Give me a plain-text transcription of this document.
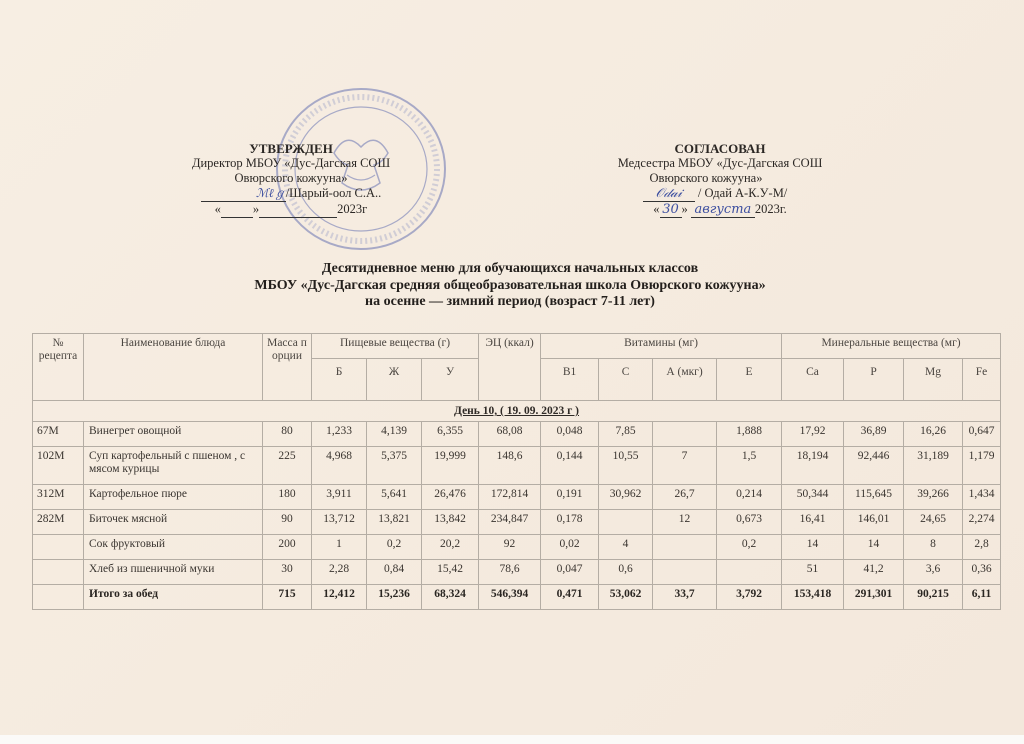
УТВЕРЖДЕН
Директор МБОУ «Дус-Дагская СОШ
Овюрского кожууна»
ℳℓℊ/Шарый-оол С.А..
«	»	2023г
СОГЛАСОВАН
Медсестра МБОУ «Дус-Дагская СОШ
Овюрского кожууна»
𝒪𝒹𝒶𝒾 / Одай А-К.У-М/
« 30 » августа 2023г.
Десятидневное меню для обучающихся начальных классов
МБОУ «Дус-Дагская средняя общеобразовательная школа Овюрского кожууна»
на осенне — зимний период (возраст 7-11 лет)
№ рецепта	Наименование блюда	Масса порции	Пищевые вещества (г)			ЭЦ (ккал)	Витамины (мг)				Минеральные вещества (мг)			
			Б	Ж	У		B1	C	А (мкг)	E	Ca	P	Mg	Fe
День 10, ( 19. 09. 2023 г )														
67М	Винегрет овощной	80	1,233	4,139	6,355	68,08	0,048	7,85		1,888	17,92	36,89	16,26	0,647
102М	Суп картофельный с пшеном , с мясом курицы	225	4,968	5,375	19,999	148,6	0,144	10,55	7	1,5	18,194	92,446	31,189	1,179
312М	Картофельное пюре	180	3,911	5,641	26,476	172,814	0,191	30,962	26,7	0,214	50,344	115,645	39,266	1,434
282М	Биточек мясной	90	13,712	13,821	13,842	234,847	0,178		12	0,673	16,41	146,01	24,65	2,274
	Сок фруктовый	200	1	0,2	20,2	92	0,02	4		0,2	14	14	8	2,8
	Хлеб из пшеничной муки	30	2,28	0,84	15,42	78,6	0,047	0,6			51	41,2	3,6	0,36
	Итого за обед	715	12,412	15,236	68,324	546,394	0,471	53,062	33,7	3,792	153,418	291,301	90,215	6,11
